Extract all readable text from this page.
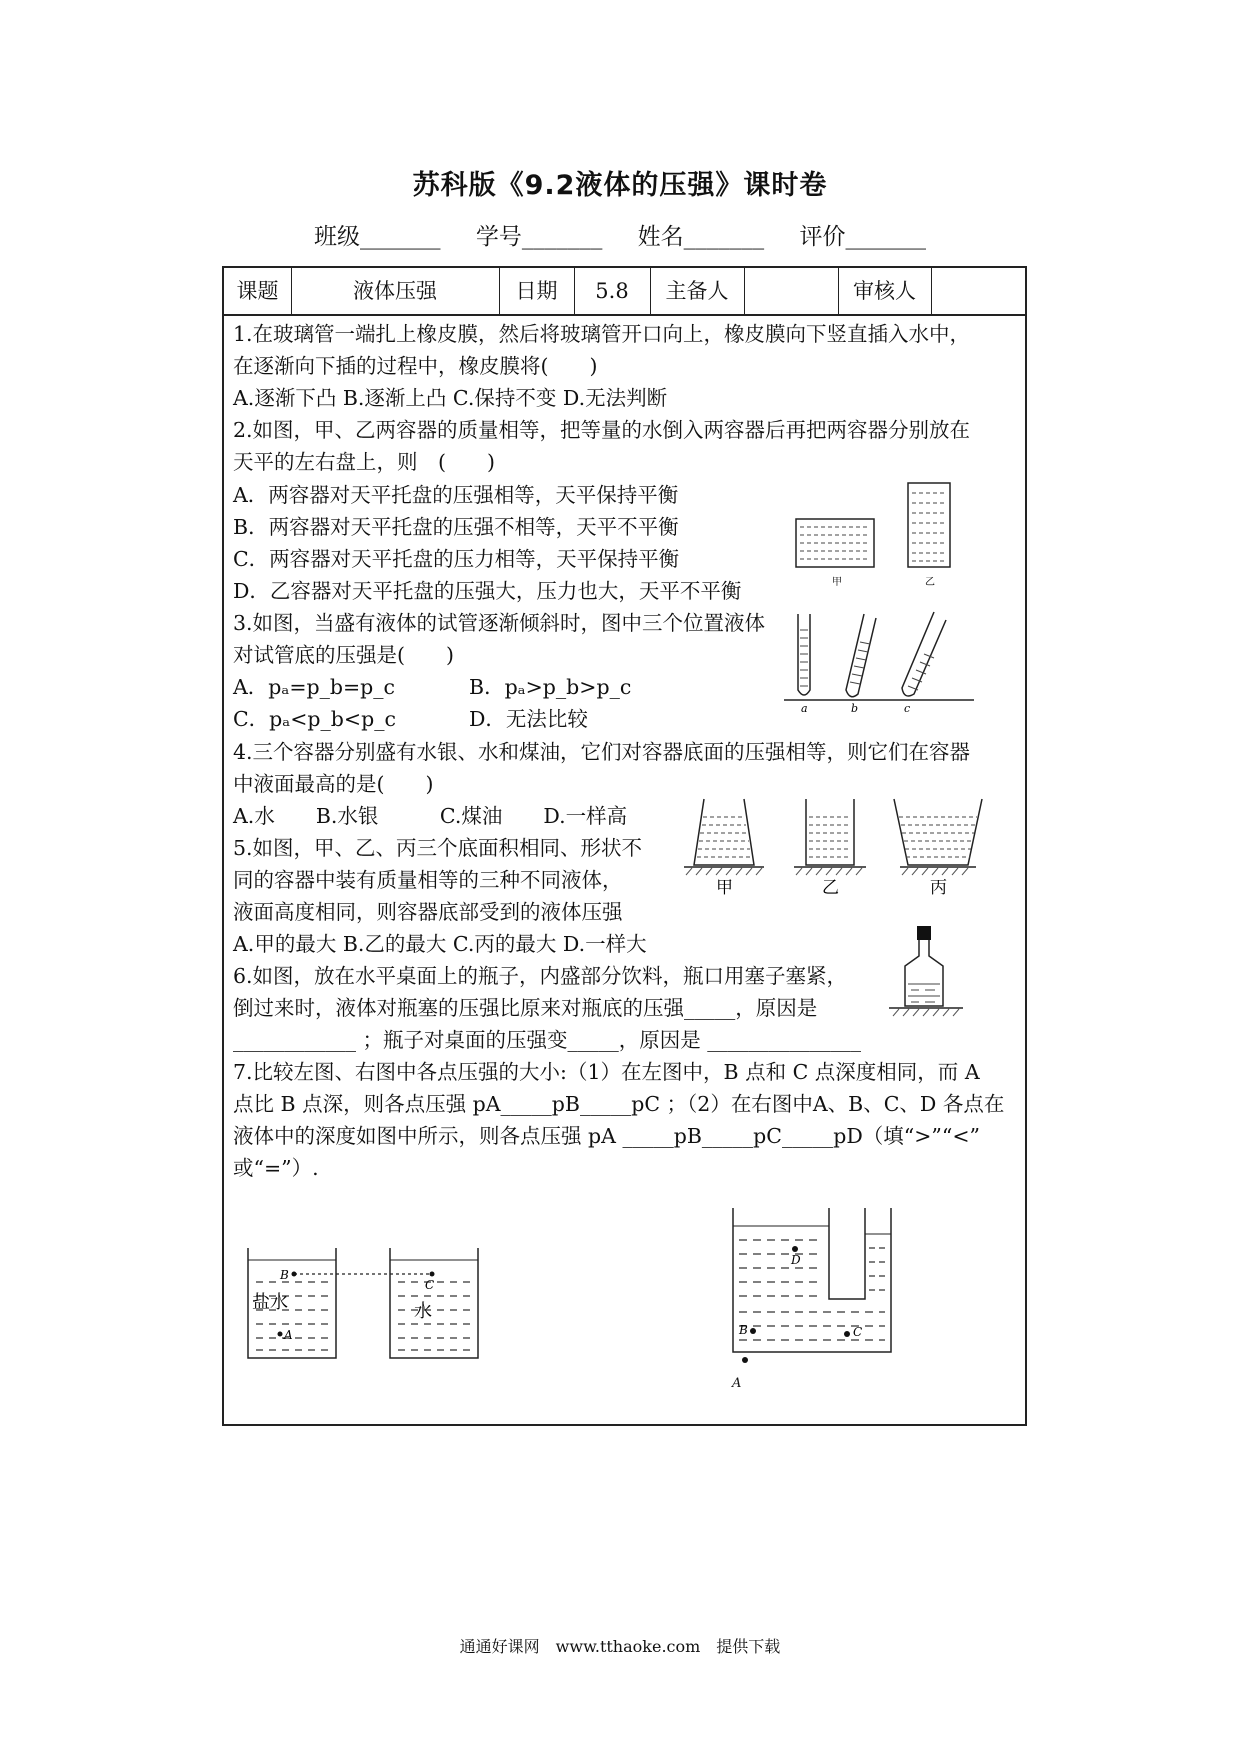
苏科版《9.2液体的压强》课时卷
班级_______ 学号_______ 姓名_______ 评价_______
课题	液体压强	日期	5.8	主备人	审核人
1.在玻璃管一端扎上橡皮膜，然后将玻璃管开口向上，橡皮膜向下竖直插入水中，
在逐渐向下插的过程中，橡皮膜将(　　)
A.逐渐下凸 B.逐渐上凸 C.保持不变 D.无法判断
2.如图，甲、乙两容器的质量相等，把等量的水倒入两容器后再把两容器分别放在
天平的左右盘上，则　(　　)
A．两容器对天平托盘的压强相等，天平保持平衡
B．两容器对天平托盘的压强不相等，天平不平衡
C．两容器对天平托盘的压力相等，天平保持平衡
D．乙容器对天平托盘的压强大，压力也大，天平不平衡	甲	乙
3.如图，当盛有液体的试管逐渐倾斜时，图中三个位置液体
对试管底的压强是(　　)
A．pₐ=p_b=p_c	B．pₐ>p_b>p_c
C．pₐ<p_b<p_c	D．无法比较	a	b	c
4.三个容器分别盛有水银、水和煤油，它们对容器底面的压强相等，则它们在容器
中液面最高的是(　　)
A.水　　B.水银　　　C.煤油　　D.一样高
5.如图，甲、乙、丙三个底面积相同、形状不
同的容器中装有质量相等的三种不同液体，
液面高度相同，则容器底部受到的液体压强
A.甲的最大 B.乙的最大 C.丙的最大 D.一样大
甲	乙	丙
6.如图，放在水平桌面上的瓶子，内盛部分饮料，瓶口用塞子塞紧，
倒过来时，液体对瓶塞的压强比原来对瓶底的压强_____，原因是
____________ ；瓶子对桌面的压强变_____，原因是 _______________
7.比较左图、右图中各点压强的大小:（1）在左图中，B 点和 C 点深度相同，而 A
点比 B 点深，则各点压强 pA_____pB_____pC ；（2）在右图中A、B、C、D 各点在
液体中的深度如图中所示，则各点压强 pA _____pB_____pC_____pD（填“>”“<”
或“=”）.
B
A
盐水
C
水
D
B	C
A
通通好课网　www.tthaoke.com　提供下载
